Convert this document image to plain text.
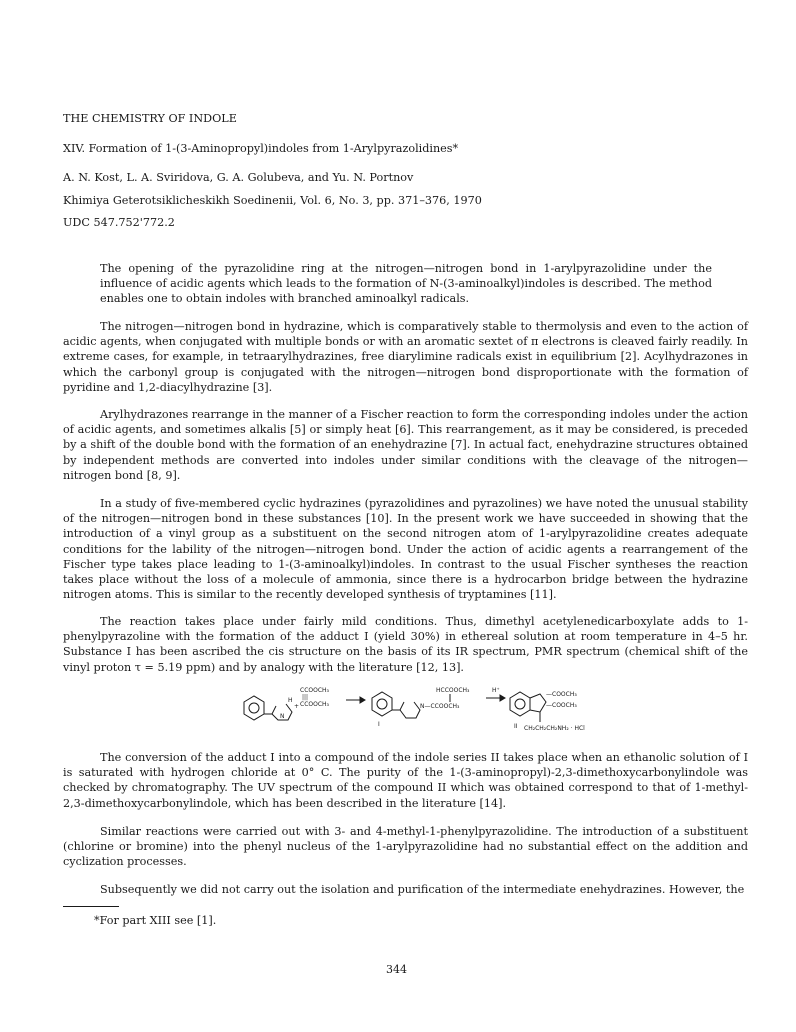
THE CHEMISTRY OF INDOLE
XIV. Formation of 1-(3-Aminopropyl)indoles from 1-Arylpyrazolidines*
A. N. Kost, L. A. Sviridova, G. A. Golubeva, and Yu. N. Portnov
Khimiya Geterotsiklicheskikh Soedinenii, Vol. 6, No. 3, pp. 371–376, 1970
UDC 547.752'772.2

The opening of the pyrazolidine ring at the nitrogen—nitrogen bond in 1-arylpyrazolidine under the influence of acidic agents which leads to the formation of N-(3-aminoalkyl)indoles is described. The method enables one to obtain indoles with branched aminoalkyl radicals.

The nitrogen—nitrogen bond in hydrazine, which is comparatively stable to thermolysis and even to the action of acidic agents, when conjugated with multiple bonds or with an aromatic sextet of π electrons is cleaved fairly readily. In extreme cases, for example, in tetraarylhydrazines, free diarylimine radicals exist in equilibrium [2]. Acylhydrazones in which the carbonyl group is conjugated with the nitrogen—nitrogen bond disproportionate with the formation of pyridine and 1,2-diacylhydrazine [3].

Arylhydrazones rearrange in the manner of a Fischer reaction to form the corresponding indoles under the action of acidic agents, and sometimes alkalis [5] or simply heat [6]. This rearrangement, as it may be considered, is preceded by a shift of the double bond with the formation of an enehydrazine [7]. In actual fact, enehydrazine structures obtained by independent methods are converted into indoles under similar conditions with the cleavage of the nitrogen—nitrogen bond [8, 9].

In a study of five-membered cyclic hydrazines (pyrazolidines and pyrazolines) we have noted the unusual stability of the nitrogen—nitrogen bond in these substances [10]. In the present work we have succeeded in showing that the introduction of a vinyl group as a substituent on the second nitrogen atom of 1-arylpyrazolidine creates adequate conditions for the lability of the nitrogen—nitrogen bond. Under the action of acidic agents a rearrangement of the Fischer type takes place leading to 1-(3-aminoalkyl)indoles. In contrast to the usual Fischer syntheses the reaction takes place without the loss of a molecule of ammonia, since there is a hydrocarbon bridge between the hydrazine nitrogen atoms. This is similar to the recently developed synthesis of tryptamines [11].

The reaction takes place under fairly mild conditions. Thus, dimethyl acetylenedicarboxylate adds to 1-phenylpyrazoline with the formation of the adduct I (yield 30%) in ethereal solution at room temperature in 4–5 hr. Substance I has been ascribed the cis structure on the basis of its IR spectrum, PMR spectrum (chemical shift of the vinyl proton τ = 5.19 ppm) and by analogy with the literature [12, 13].

N
H
+
CCOOCH₃
|||
CCOOCH₃
I
HCCOOCH₃
N—CCOOCH₃
H⁺
—COOCH₃
—COOCH₃
II CH₂CH₂CH₂NH₂ · HCl

The conversion of the adduct I into a compound of the indole series II takes place when an ethanolic solution of I is saturated with hydrogen chloride at 0° C. The purity of the 1-(3-aminopropyl)-2,3-dimethoxycarbonylindole was checked by chromatography. The UV spectrum of the compound II which was obtained correspond to that of 1-methyl-2,3-dimethoxycarbonylindole, which has been described in the literature [14].

Similar reactions were carried out with 3- and 4-methyl-1-phenylpyrazolidine. The introduction of a substituent (chlorine or bromine) into the phenyl nucleus of the 1-arylpyrazolidine had no substantial effect on the addition and cyclization processes.

Subsequently we did not carry out the isolation and purification of the intermediate enehydrazines. However, the

*For part XIII see [1].
344
